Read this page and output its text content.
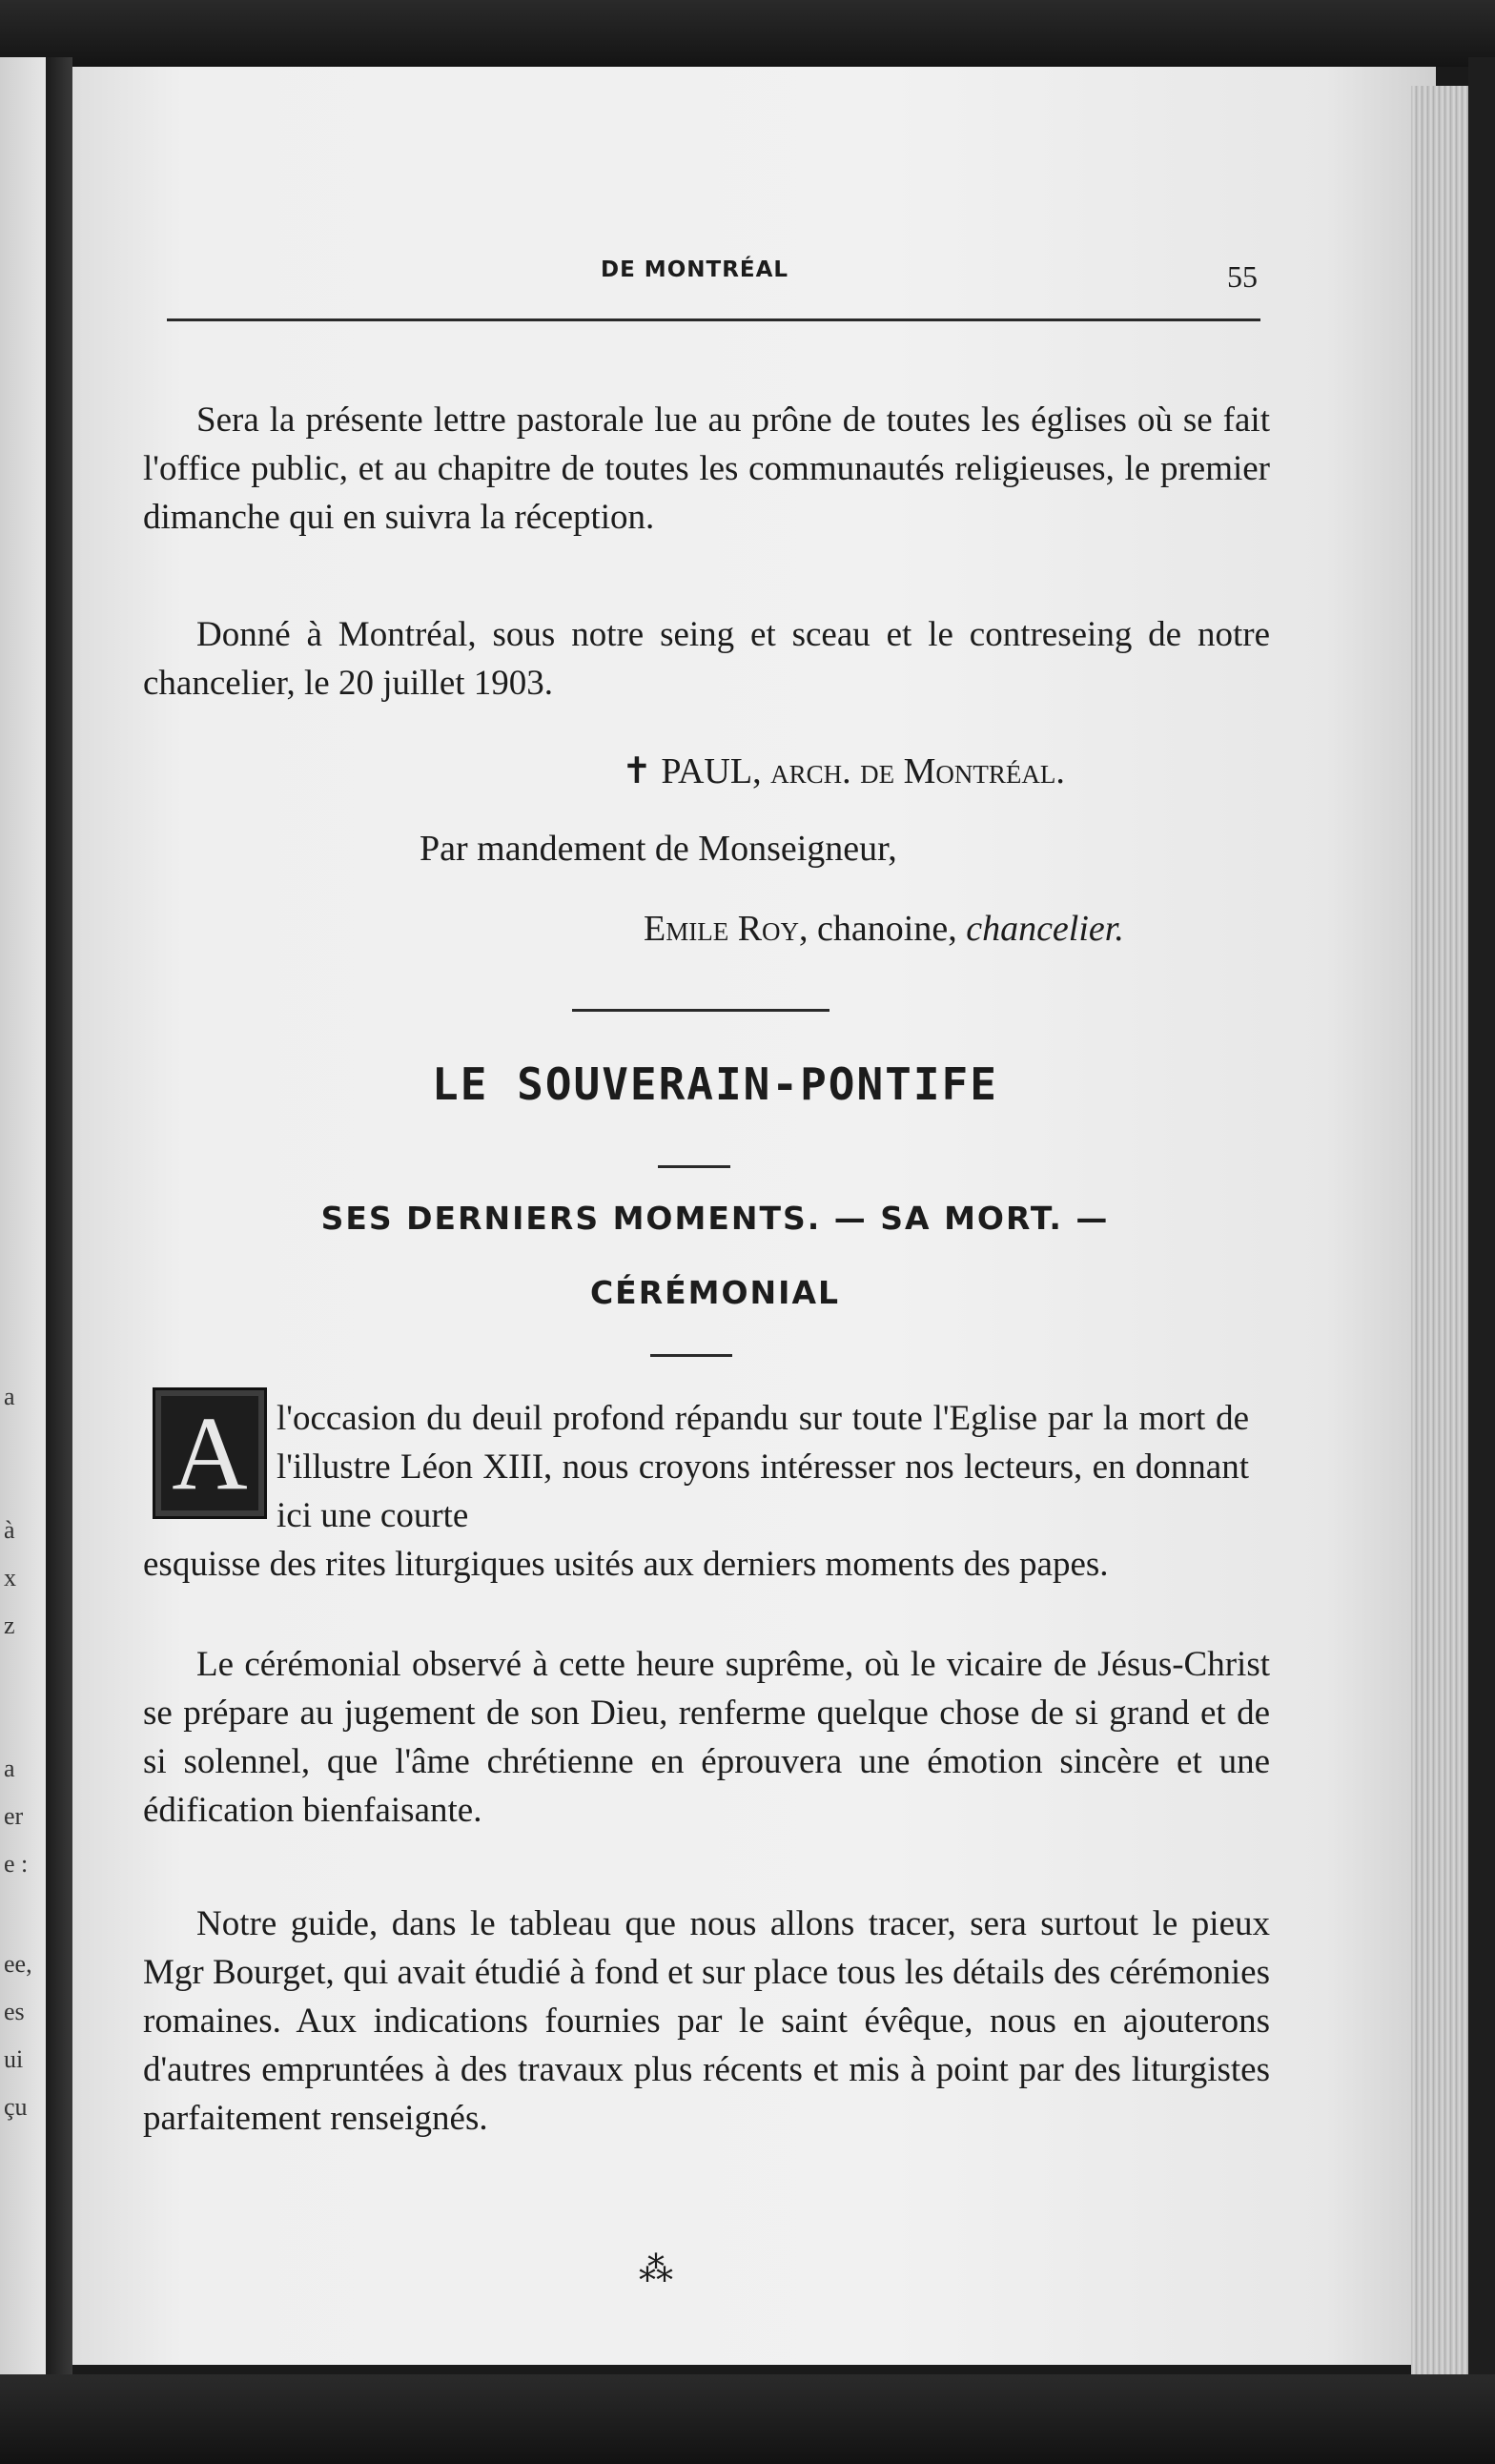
a
à
x
z
a
er
e :
ee,
es
ui
çu
DE MONTRÉAL	55

Sera la présente lettre pastorale lue au prône de toutes les églises où se fait l'office public, et au chapitre de toutes les communautés religieuses, le premier dimanche qui en suivra la réception.

Donné à Montréal, sous notre seing et sceau et le contreseing de notre chancelier, le 20 juillet 1903.

✝ PAUL, arch. de Montréal.
Par mandement de Monseigneur,
Emile Roy, chanoine, chancelier.
LE SOUVERAIN-PONTIFE
SES DERNIERS MOMENTS. — SA MORT. —
CÉRÉMONIAL
A l'occasion du deuil profond répandu sur toute l'Eglise par la mort de l'illustre Léon XIII, nous croyons intéresser nos lecteurs, en donnant ici une courte

esquisse des rites liturgiques usités aux derniers moments des papes.

Le cérémonial observé à cette heure suprême, où le vicaire de Jésus-Christ se prépare au jugement de son Dieu, renferme quelque chose de si grand et de si solennel, que l'âme chrétienne en éprouvera une émotion sincère et une édification bienfaisante.

Notre guide, dans le tableau que nous allons tracer, sera surtout le pieux Mgr Bourget, qui avait étudié à fond et sur place tous les détails des cérémonies romaines. Aux indications fournies par le saint évêque, nous en ajouterons d'autres empruntées à des travaux plus récents et mis à point par des liturgistes parfaitement renseignés.

⁂
